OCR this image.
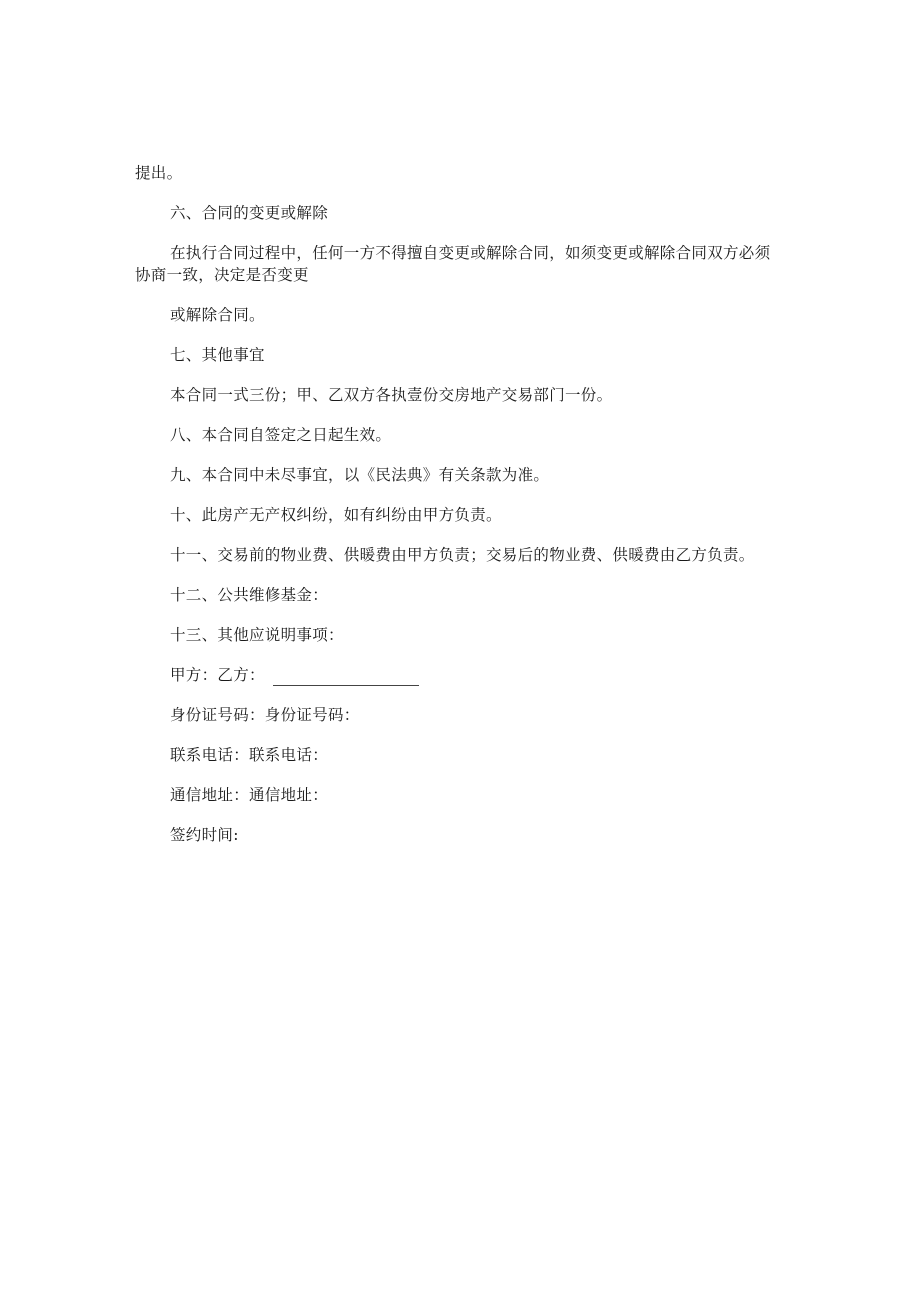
提出。

六、合同的变更或解除

在执行合同过程中，任何一方不得擅自变更或解除合同，如须变更或解除合同双方必须协商一致，决定是否变更

或解除合同。

七、其他事宜

本合同一式三份；甲、乙双方各执壹份交房地产交易部门一份。

八、本合同自签定之日起生效。

九、本合同中未尽事宜，以《民法典》有关条款为准。

十、此房产无产权纠纷，如有纠纷由甲方负责。

十一、交易前的物业费、供暖费由甲方负责；交易后的物业费、供暖费由乙方负责。

十二、公共维修基金：

十三、其他应说明事项：

甲方：乙方：

身份证号码：身份证号码：

联系电话：联系电话：

通信地址：通信地址：

签约时间:
